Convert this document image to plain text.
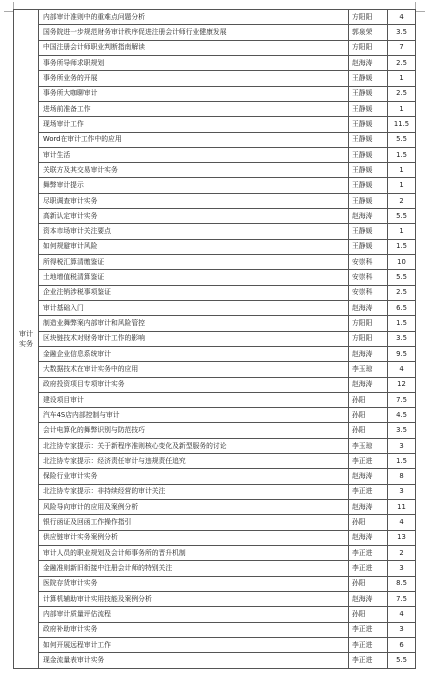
审计
实务	内部审计准则中的重难点问题分析	方阳阳	4
	国务院进一步规范财务审计秩序促进注册会计师行业健康发展	郭泉荣	3.5
	中国注册会计师职业判断指南解读	方阳阳	7
	事务所导师求职规划	赵海涛	2.5
	事务所业务的开展	王静媛	1
	事务所大咖聊审计	王静媛	2.5
	进场前准备工作	王静媛	1
	现场审计工作	王静媛	11.5
	Word在审计工作中的应用	王静媛	5.5
	审计生活	王静媛	1.5
	关联方及其交易审计实务	王静媛	1
	舞弊审计提示	王静媛	1
	尽职调查审计实务	王静媛	2
	高新认定审计实务	赵海涛	5.5
	资本市场审计关注要点	王静媛	1
	如何规避审计风险	王静媛	1.5
	所得税汇算清缴鉴证	安崇科	10
	土地增值税清算鉴证	安崇科	5.5
	企业注销涉税事项鉴证	安崇科	2.5
	审计基础入门	赵海涛	6.5
	制造业舞弊案内部审计和风险管控	方阳阳	1.5
	区块链技术对财务审计工作的影响	方阳阳	3.5
	金融企业信息系统审计	赵海涛	9.5
	大数据技术在审计实务中的应用	李玉琼	4
	政府投资项目专项审计实务	赵海涛	12
	建设项目审计	孙阳	7.5
	汽车4S店内部控制与审计	孙阳	4.5
	会计电算化的舞弊识别与防范技巧	孙阳	3.5
	北注协专家提示：关于新程序准则核心变化及新型服务的讨论	李玉琼	3
	北注协专家提示：经济责任审计与违规责任追究	李正进	1.5
	保险行业审计实务	赵海涛	8
	北注协专家提示：非持续经营的审计关注	李正进	3
	风险导向审计的应用及案例分析	赵海涛	11
	银行函证及回函工作操作指引	孙阳	4
	供应链审计实务案例分析	赵海涛	13
	审计人员的职业规划及会计师事务所的晋升机制	李正进	2
	金融准则新旧衔接中注册会计师的特别关注	李正进	3
	医院存货审计实务	孙阳	8.5
	计算机辅助审计实用技能及案例分析	赵海涛	7.5
	内部审计质量评估流程	孙阳	4
	政府补助审计实务	李正进	3
	如何开展远程审计工作	李正进	6
	现金流量表审计实务	李正进	5.5
